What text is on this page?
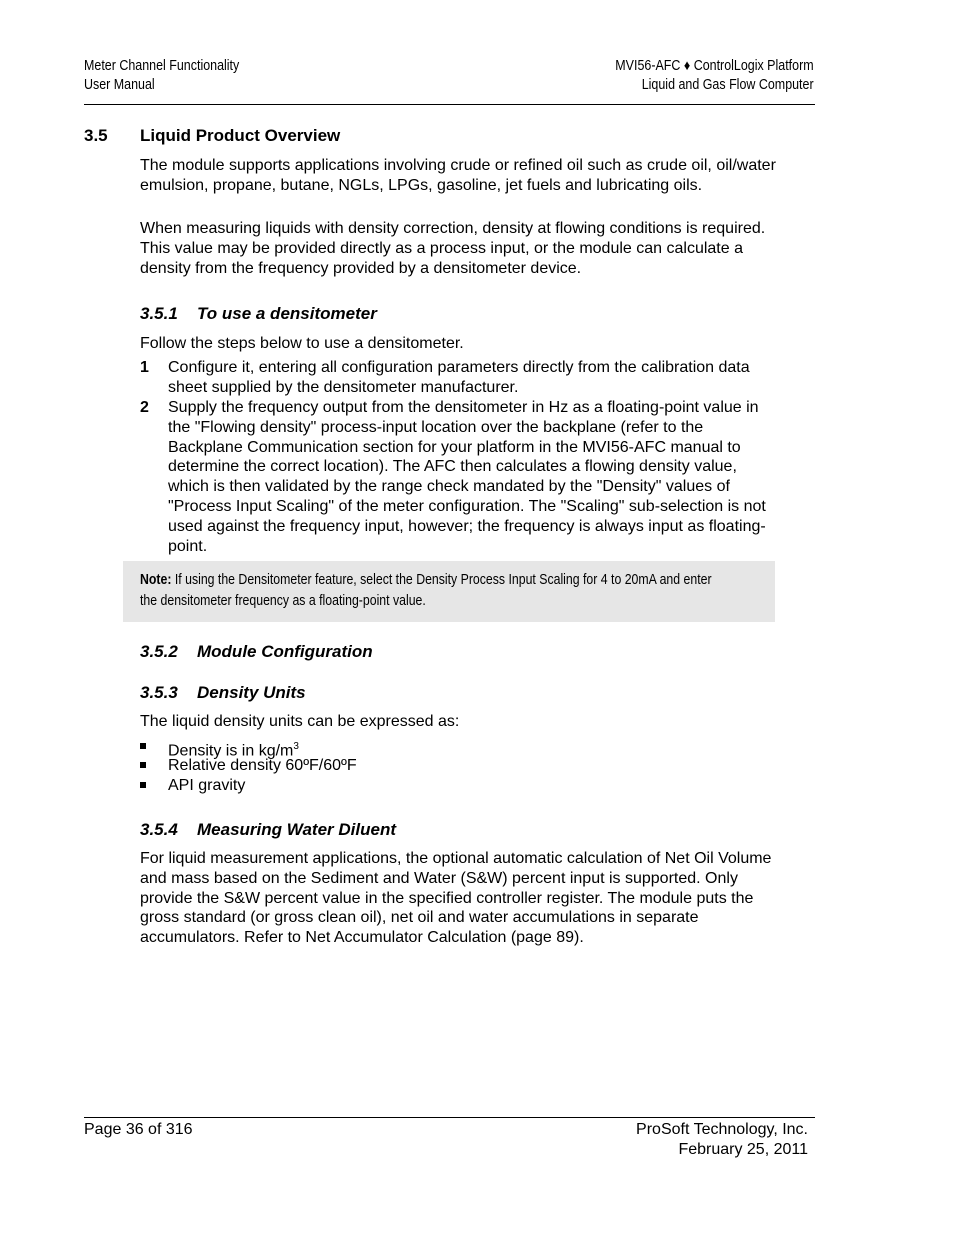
Meter Channel Functionality
User Manual
MVI56-AFC ♦ ControlLogix Platform
Liquid and Gas Flow Computer
3.5 Liquid Product Overview
The module supports applications involving crude or refined oil such as crude oil, oil/water emulsion, propane, butane, NGLs, LPGs, gasoline, jet fuels and lubricating oils.
When measuring liquids with density correction, density at flowing conditions is required. This value may be provided directly as a process input, or the module can calculate a density from the frequency provided by a densitometer device.
3.5.1 To use a densitometer
Follow the steps below to use a densitometer.
1 Configure it, entering all configuration parameters directly from the calibration data sheet supplied by the densitometer manufacturer.
2 Supply the frequency output from the densitometer in Hz as a floating-point value in the "Flowing density" process-input location over the backplane (refer to the Backplane Communication section for your platform in the MVI56-AFC manual to determine the correct location). The AFC then calculates a flowing density value, which is then validated by the range check mandated by the "Density" values of "Process Input Scaling" of the meter configuration. The "Scaling" sub-selection is not used against the frequency input, however; the frequency is always input as floating-point.
Note: If using the Densitometer feature, select the Density Process Input Scaling for 4 to 20mA and enter the densitometer frequency as a floating-point value.
3.5.2 Module Configuration
3.5.3 Density Units
The liquid density units can be expressed as:
Density is in $kg/m^3$
Relative density 60ºF/60ºF
API gravity
3.5.4 Measuring Water Diluent
For liquid measurement applications, the optional automatic calculation of Net Oil Volume and mass based on the Sediment and Water (S&W) percent input is supported. Only provide the S&W percent value in the specified controller register. The module puts the gross standard (or gross clean oil), net oil and water accumulations in separate accumulators. Refer to Net Accumulator Calculation (page 89).
Page 36 of 316	ProSoft Technology, Inc.
February 25, 2011
